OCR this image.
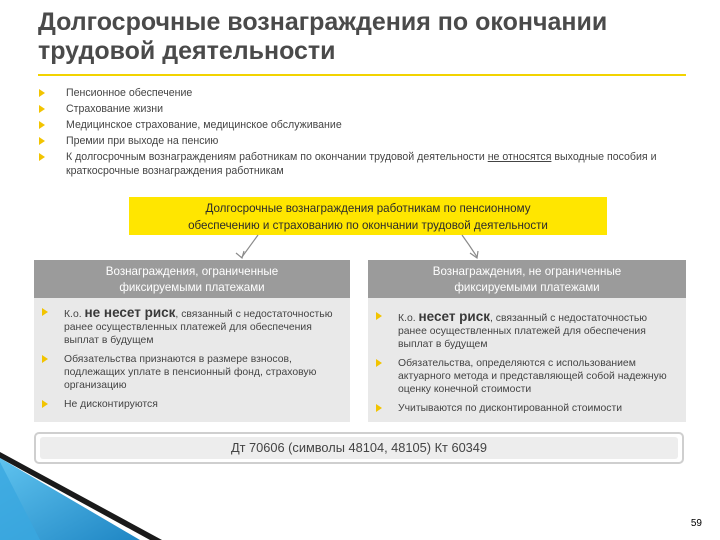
Долгосрочные вознаграждения по окончании
трудовой деятельности
Пенсионное обеспечение
Страхование жизни
Медицинское страхование, медицинское обслуживание
Премии при выходе на пенсию
К долгосрочным вознаграждениям работникам по окончании трудовой деятельности не относятся выходные пособия и краткосрочные вознаграждения работникам
Долгосрочные вознаграждения работникам по пенсионному
обеспечению и страхованию по окончании трудовой деятельности
Вознаграждения, ограниченные
фиксируемыми платежами
К.о. не несет риск, связанный с недостаточностью ранее осуществленных платежей для обеспечения выплат в будущем
Обязательства признаются в размере взносов, подлежащих уплате в пенсионный фонд, страховую организацию
Не дисконтируются
Вознаграждения, не ограниченные
фиксируемыми платежами
К.о. несет риск, связанный с недостаточностью ранее осуществленных платежей для обеспечения выплат в будущем
Обязательства, определяются с использованием актуарного метода и представляющей собой надежную оценку конечной стоимости
Учитываются по дисконтированной стоимости
Дт 70606 (символы 48104, 48105) Кт 60349
59
